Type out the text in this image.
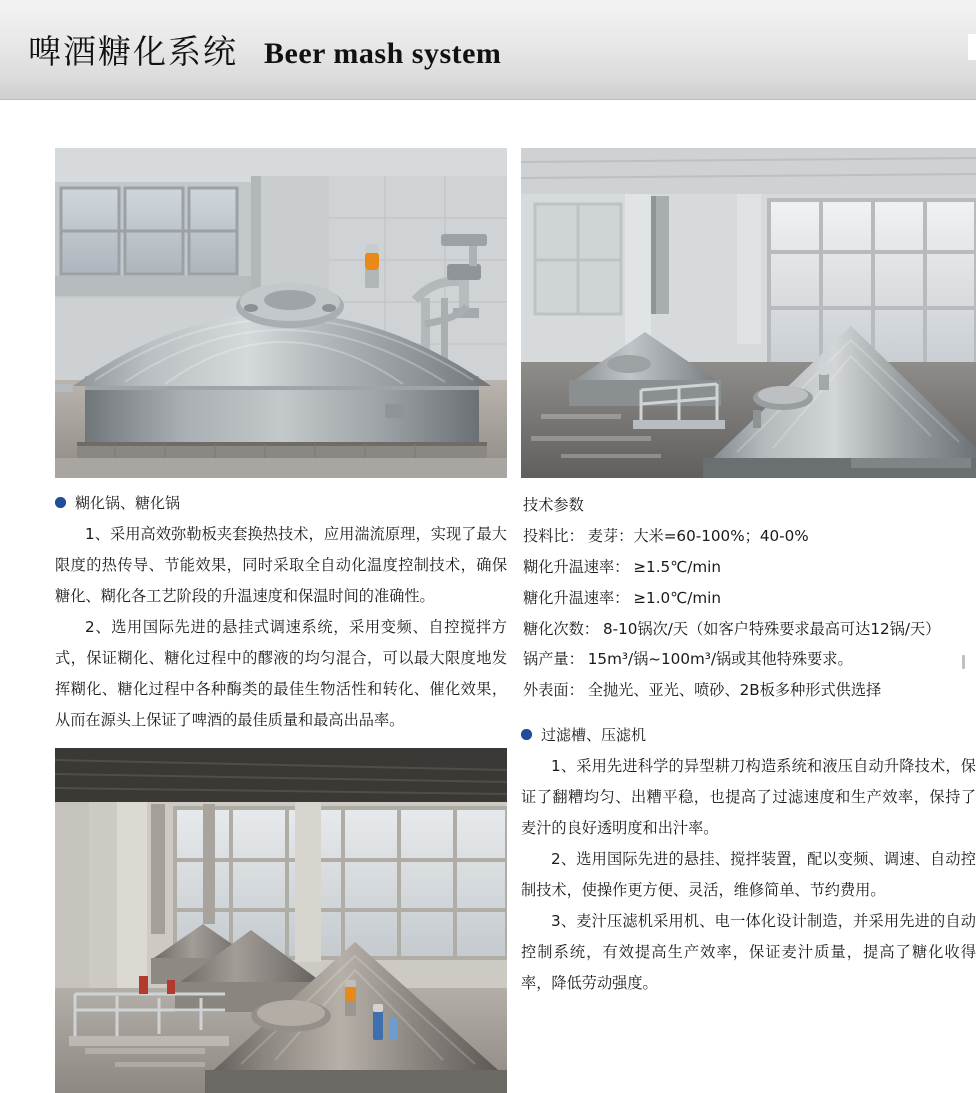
啤酒糖化系统 Beer mash system
糊化锅、糖化锅

1、采用高效弥勒板夹套换热技术，应用湍流原理，实现了最大限度的热传导、节能效果，同时采取全自动化温度控制技术，确保糖化、糊化各工艺阶段的升温速度和保温时间的准确性。

2、选用国际先进的悬挂式调速系统，采用变频、自控搅拌方式，保证糊化、糖化过程中的醪液的均匀混合，可以最大限度地发挥糊化、糖化过程中各种酶类的最佳生物活性和转化、催化效果，从而在源头上保证了啤酒的最佳质量和最高出品率。

技术参数
投料比： 麦芽：大米=60-100%；40-0%
糊化升温速率： ≥1.5℃/min
糖化升温速率： ≥1.0℃/min
糖化次数： 8-10锅次/天（如客户特殊要求最高可达12锅/天）
锅产量： 15m³/锅~100m³/锅或其他特殊要求。
外表面： 全抛光、亚光、喷砂、2B板多种形式供选择
过滤槽、压滤机

1、采用先进科学的异型耕刀构造系统和液压自动升降技术，保证了翻糟均匀、出糟平稳，也提高了过滤速度和生产效率，保持了麦汁的良好透明度和出汁率。

2、选用国际先进的悬挂、搅拌装置，配以变频、调速、自动控制技术，使操作更方便、灵活，维修简单、节约费用。

3、麦汁压滤机采用机、电一体化设计制造，并采用先进的自动控制系统，有效提高生产效率，保证麦汁质量，提高了糖化收得率，降低劳动强度。
